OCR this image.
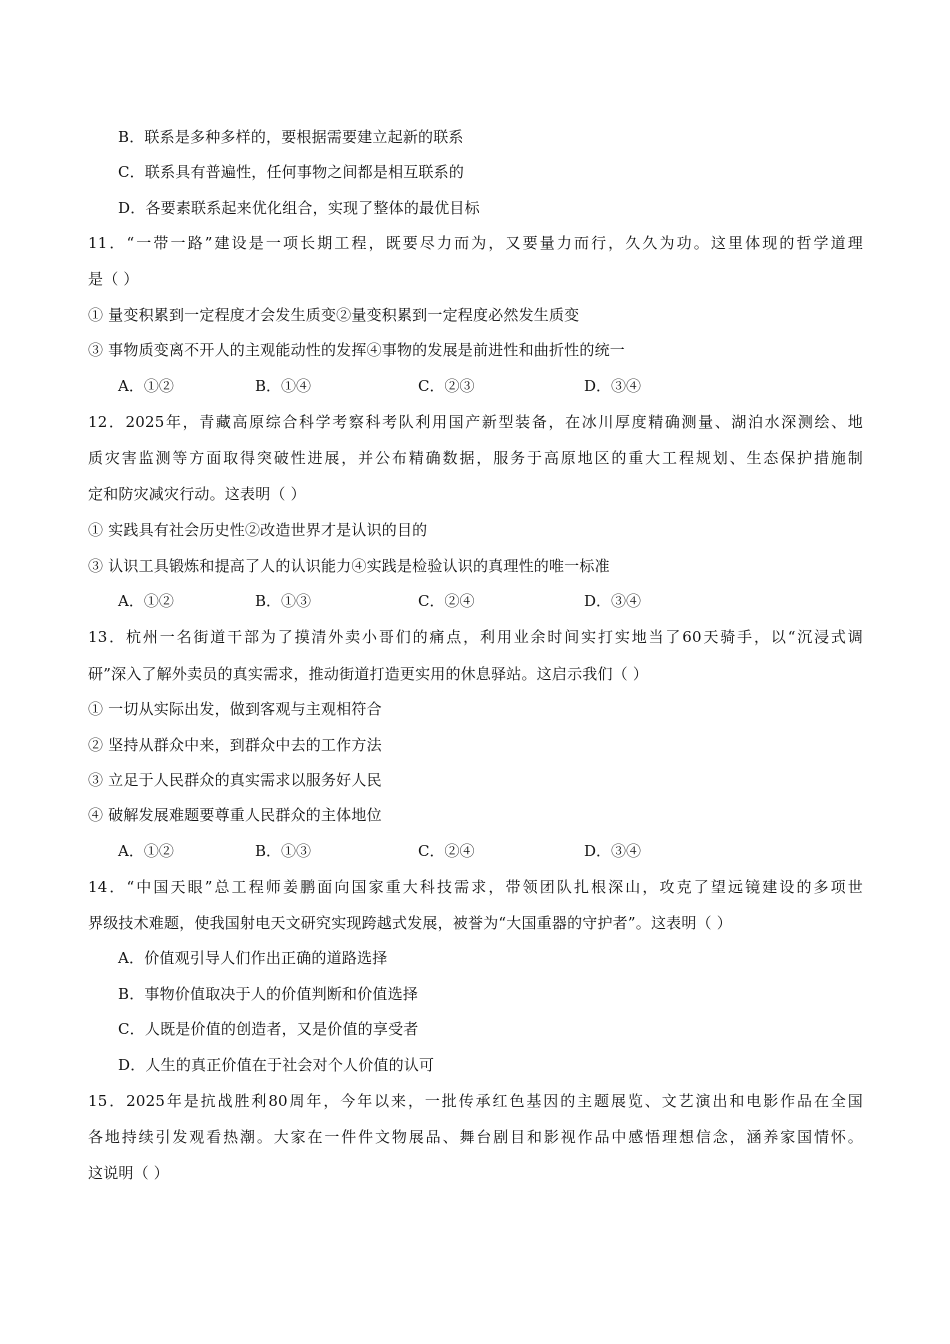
B．联系是多种多样的，要根据需要建立起新的联系
C．联系具有普遍性，任何事物之间都是相互联系的
D．各要素联系起来优化组合，实现了整体的最优目标
11．“一带一路”建设是一项长期工程，既要尽力而为，又要量力而行，久久为功。这里体现的哲学道理
是（ ）
① 量变积累到一定程度才会发生质变②量变积累到一定程度必然发生质变
③ 事物质变离不开人的主观能动性的发挥④事物的发展是前进性和曲折性的统一
A．①②	B．①④	C．②③	D．③④
12．2025年，青藏高原综合科学考察科考队利用国产新型装备，在冰川厚度精确测量、湖泊水深测绘、地
质灾害监测等方面取得突破性进展，并公布精确数据，服务于高原地区的重大工程规划、生态保护措施制
定和防灾减灾行动。这表明（ ）
① 实践具有社会历史性②改造世界才是认识的目的
③ 认识工具锻炼和提高了人的认识能力④实践是检验认识的真理性的唯一标准
A．①②	B．①③	C．②④	D．③④
13．杭州一名街道干部为了摸清外卖小哥们的痛点，利用业余时间实打实地当了60天骑手，以“沉浸式调
研”深入了解外卖员的真实需求，推动街道打造更实用的休息驿站。这启示我们（ ）
① 一切从实际出发，做到客观与主观相符合
② 坚持从群众中来，到群众中去的工作方法
③ 立足于人民群众的真实需求以服务好人民
④ 破解发展难题要尊重人民群众的主体地位
A．①②	B．①③	C．②④	D．③④
14．“中国天眼”总工程师姜鹏面向国家重大科技需求，带领团队扎根深山，攻克了望远镜建设的多项世
界级技术难题，使我国射电天文研究实现跨越式发展，被誉为“大国重器的守护者”。这表明（ ）
A．价值观引导人们作出正确的道路选择
B．事物价值取决于人的价值判断和价值选择
C．人既是价值的创造者，又是价值的享受者
D．人生的真正价值在于社会对个人价值的认可
15．2025年是抗战胜利80周年，今年以来，一批传承红色基因的主题展览、文艺演出和电影作品在全国
各地持续引发观看热潮。大家在一件件文物展品、舞台剧目和影视作品中感悟理想信念，涵养家国情怀。
这说明（ ）
